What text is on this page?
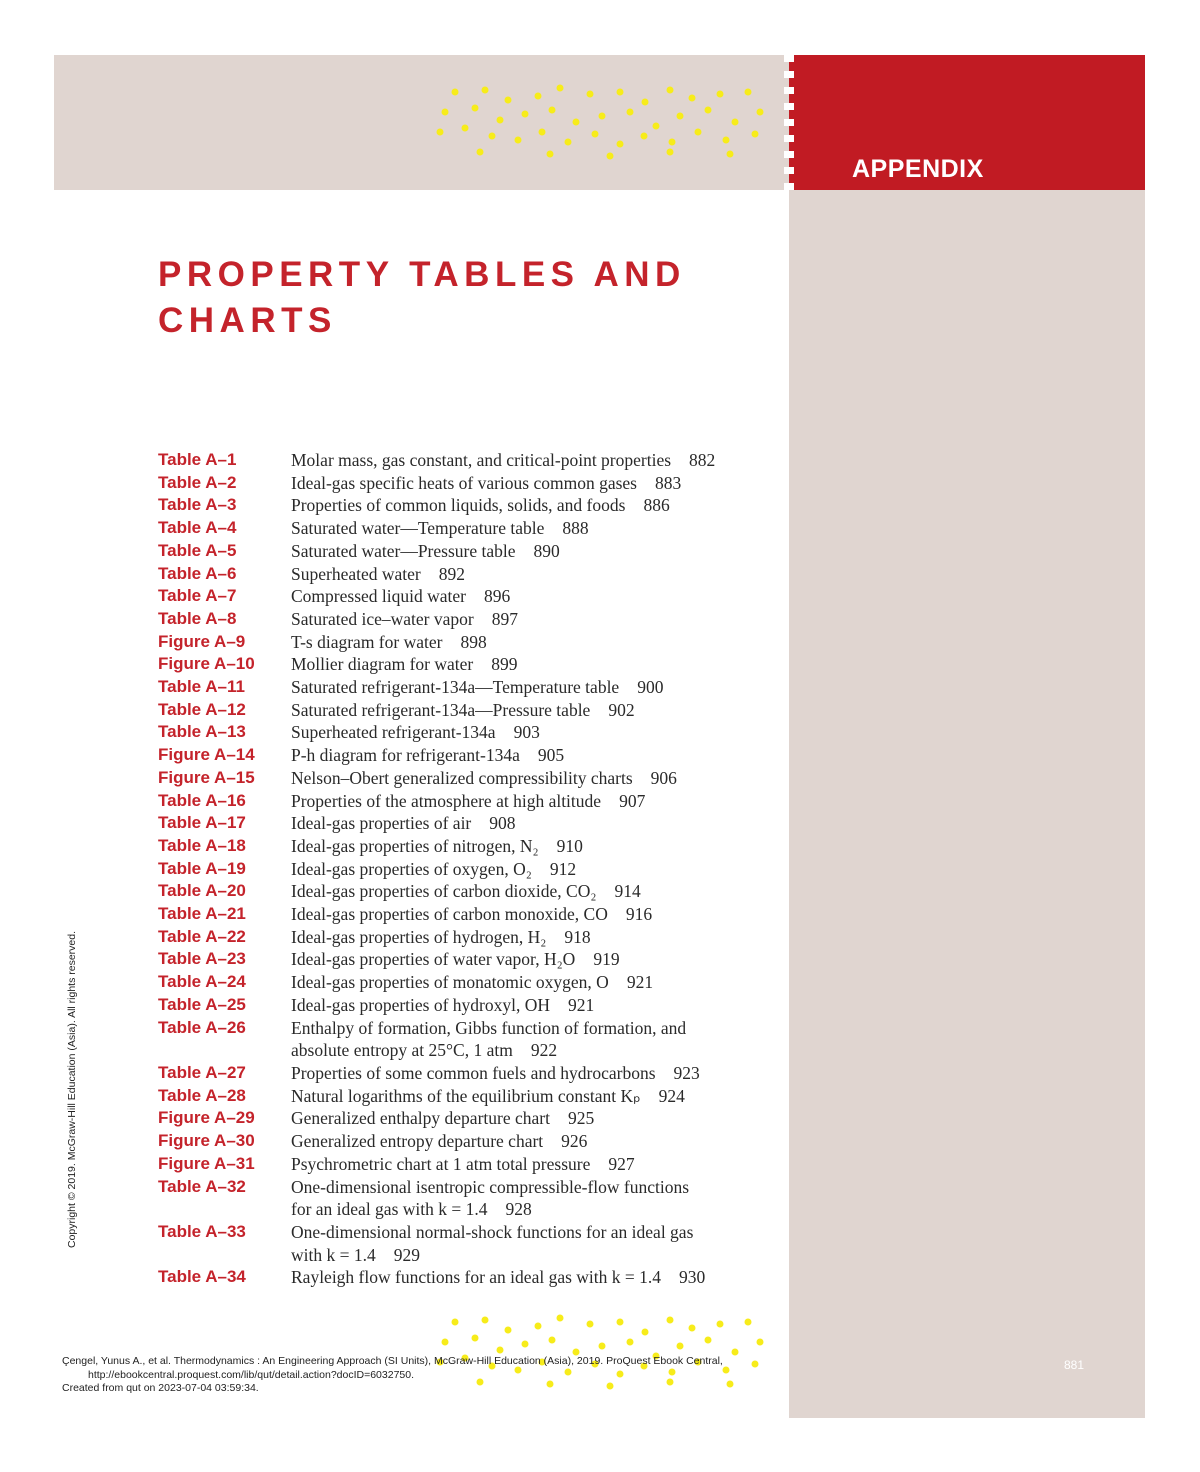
APPENDIX
PROPERTY TABLES AND CHARTS
Table A–1	Molar mass, gas constant, and critical-point properties 882
Table A–2	Ideal-gas specific heats of various common gases 883
Table A–3	Properties of common liquids, solids, and foods 886
Table A–4	Saturated water—Temperature table 888
Table A–5	Saturated water—Pressure table 890
Table A–6	Superheated water 892
Table A–7	Compressed liquid water 896
Table A–8	Saturated ice–water vapor 897
Figure A–9	T-s diagram for water 898
Figure A–10	Mollier diagram for water 899
Table A–11	Saturated refrigerant-134a—Temperature table 900
Table A–12	Saturated refrigerant-134a—Pressure table 902
Table A–13	Superheated refrigerant-134a 903
Figure A–14	P-h diagram for refrigerant-134a 905
Figure A–15	Nelson–Obert generalized compressibility charts 906
Table A–16	Properties of the atmosphere at high altitude 907
Table A–17	Ideal-gas properties of air 908
Table A–18	Ideal-gas properties of nitrogen, N₂ 910
Table A–19	Ideal-gas properties of oxygen, O₂ 912
Table A–20	Ideal-gas properties of carbon dioxide, CO₂ 914
Table A–21	Ideal-gas properties of carbon monoxide, CO 916
Table A–22	Ideal-gas properties of hydrogen, H₂ 918
Table A–23	Ideal-gas properties of water vapor, H₂O 919
Table A–24	Ideal-gas properties of monatomic oxygen, O 921
Table A–25	Ideal-gas properties of hydroxyl, OH 921
Table A–26	Enthalpy of formation, Gibbs function of formation, and
absolute entropy at 25°C, 1 atm 922
Table A–27	Properties of some common fuels and hydrocarbons 923
Table A–28	Natural logarithms of the equilibrium constant Kₚ 924
Figure A–29	Generalized enthalpy departure chart 925
Figure A–30	Generalized entropy departure chart 926
Figure A–31	Psychrometric chart at 1 atm total pressure 927
Table A–32	One-dimensional isentropic compressible-flow functions
for an ideal gas with k = 1.4 928
Table A–33	One-dimensional normal-shock functions for an ideal gas
with k = 1.4 929
Table A–34	Rayleigh flow functions for an ideal gas with k = 1.4 930
Copyright © 2019. McGraw-Hill Education (Asia). All rights reserved.
Çengel, Yunus A., et al. Thermodynamics : An Engineering Approach (SI Units), McGraw-Hill Education (Asia), 2019. ProQuest Ebook Central,
http://ebookcentral.proquest.com/lib/qut/detail.action?docID=6032750.
Created from qut on 2023-07-04 03:59:34.
881
